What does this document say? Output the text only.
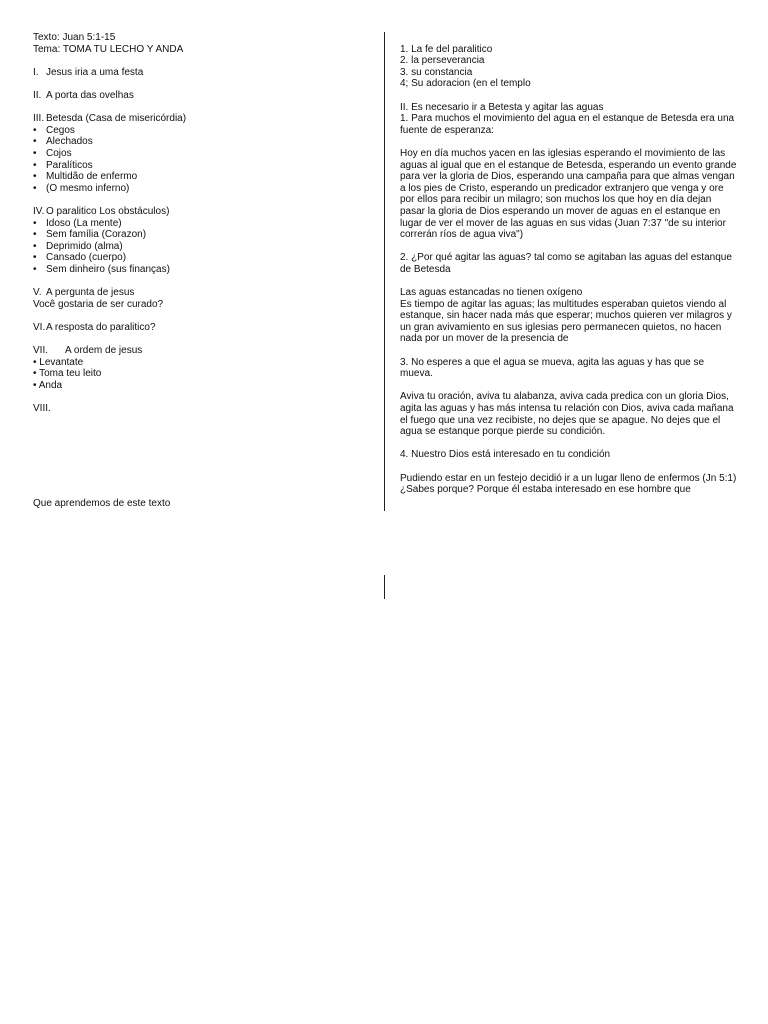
Texto: Juan 5:1-15
Tema: TOMA TU LECHO Y ANDA
I. Jesus iria a uma festa
II. A porta das ovelhas
III. Betesda (Casa de misericórdia)
• Cegos
• Alechados
• Cojos
• Paralíticos
• Multidão de enfermo
• (O mesmo inferno)
IV. O paralitico Los obstáculos)
• Idoso (La mente)
• Sem família (Corazon)
• Deprimido (alma)
• Cansado (cuerpo)
• Sem dinheiro (sus finanças)
V. A pergunta de jesus
Você gostaria de ser curado?
VI. A resposta do paralitico?
VII.	A ordem de jesus
• Levantate
• Toma teu leito
• Anda
VIII.
Que aprendemos de este texto
1. La fe del paralitico
2. la perseverancia
3. su constancia
4; Su adoracion (en el templo
II. Es necesario ir a Betesta y agitar las aguas
1. Para muchos el movimiento del agua en el estanque de Betesda era una fuente de esperanza:
Hoy en día muchos yacen en las iglesias esperando el movimiento de las aguas al igual que en el estanque de Betesda, esperando un evento grande para ver la gloria de Dios, esperando una campaña para que almas vengan a los pies de Cristo, esperando un predicador extranjero que venga y ore por ellos para recibir un milagro; son muchos los que hoy en día dejan pasar la gloria de Dios esperando un mover de aguas en el estanque en lugar de ver el mover de las aguas en sus vidas (Juan 7:37 "de su interior correrán ríos de agua viva")
2. ¿Por qué agitar las aguas? tal como se agitaban las aguas del estanque de Betesda
Las aguas estancadas no tienen oxígeno
Es tiempo de agitar las aguas; las multitudes esperaban quietos viendo al estanque, sin hacer nada más que esperar; muchos quieren ver milagros y un gran avivamiento en sus iglesias pero permanecen quietos, no hacen nada por un mover de la presencia de
3. No esperes a que el agua se mueva, agita las aguas y has que se mueva.
Aviva tu oración, aviva tu alabanza, aviva cada predica con un gloria Dios, agita las aguas y has más intensa tu relación con Dios, aviva cada mañana el fuego que una vez recibiste, no dejes que se apague. No dejes que el agua se estanque porque pierde su condición.
4. Nuestro Dios está interesado en tu condición
Pudiendo estar en un festejo decidió ir a un lugar lleno de enfermos (Jn 5:1) ¿Sabes porque? Porque él estaba interesado en ese hombre que
